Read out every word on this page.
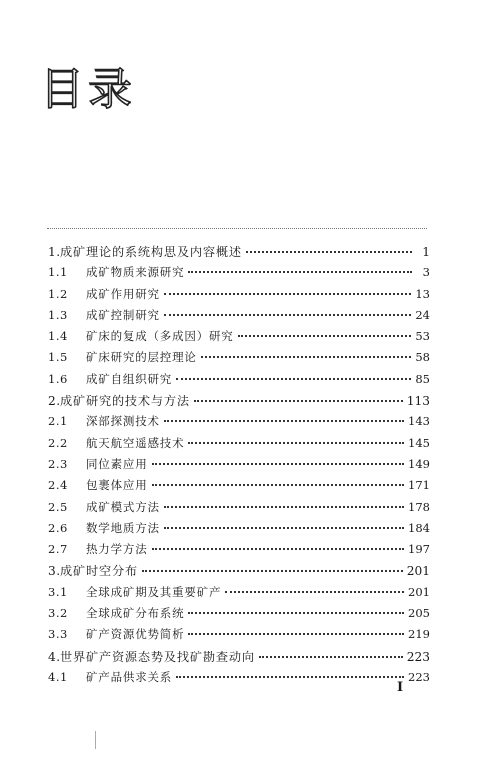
目录
1. 成矿理论的系统构思及内容概述	1
1.1	成矿物质来源研究	3
1.2	成矿作用研究	13
1.3	成矿控制研究	24
1.4	矿床的复成（多成因）研究	53
1.5	矿床研究的层控理论	58
1.6	成矿自组织研究	85
2. 成矿研究的技术与方法	113
2.1	深部探测技术	143
2.2	航天航空遥感技术	145
2.3	同位素应用	149
2.4	包裹体应用	171
2.5	成矿模式方法	178
2.6	数学地质方法	184
2.7	热力学方法	197
3. 成矿时空分布	201
3.1	全球成矿期及其重要矿产	201
3.2	全球成矿分布系统	205
3.3	矿产资源优势简析	219
4. 世界矿产资源态势及找矿勘查动向	223
4.1	矿产品供求关系	223
I
